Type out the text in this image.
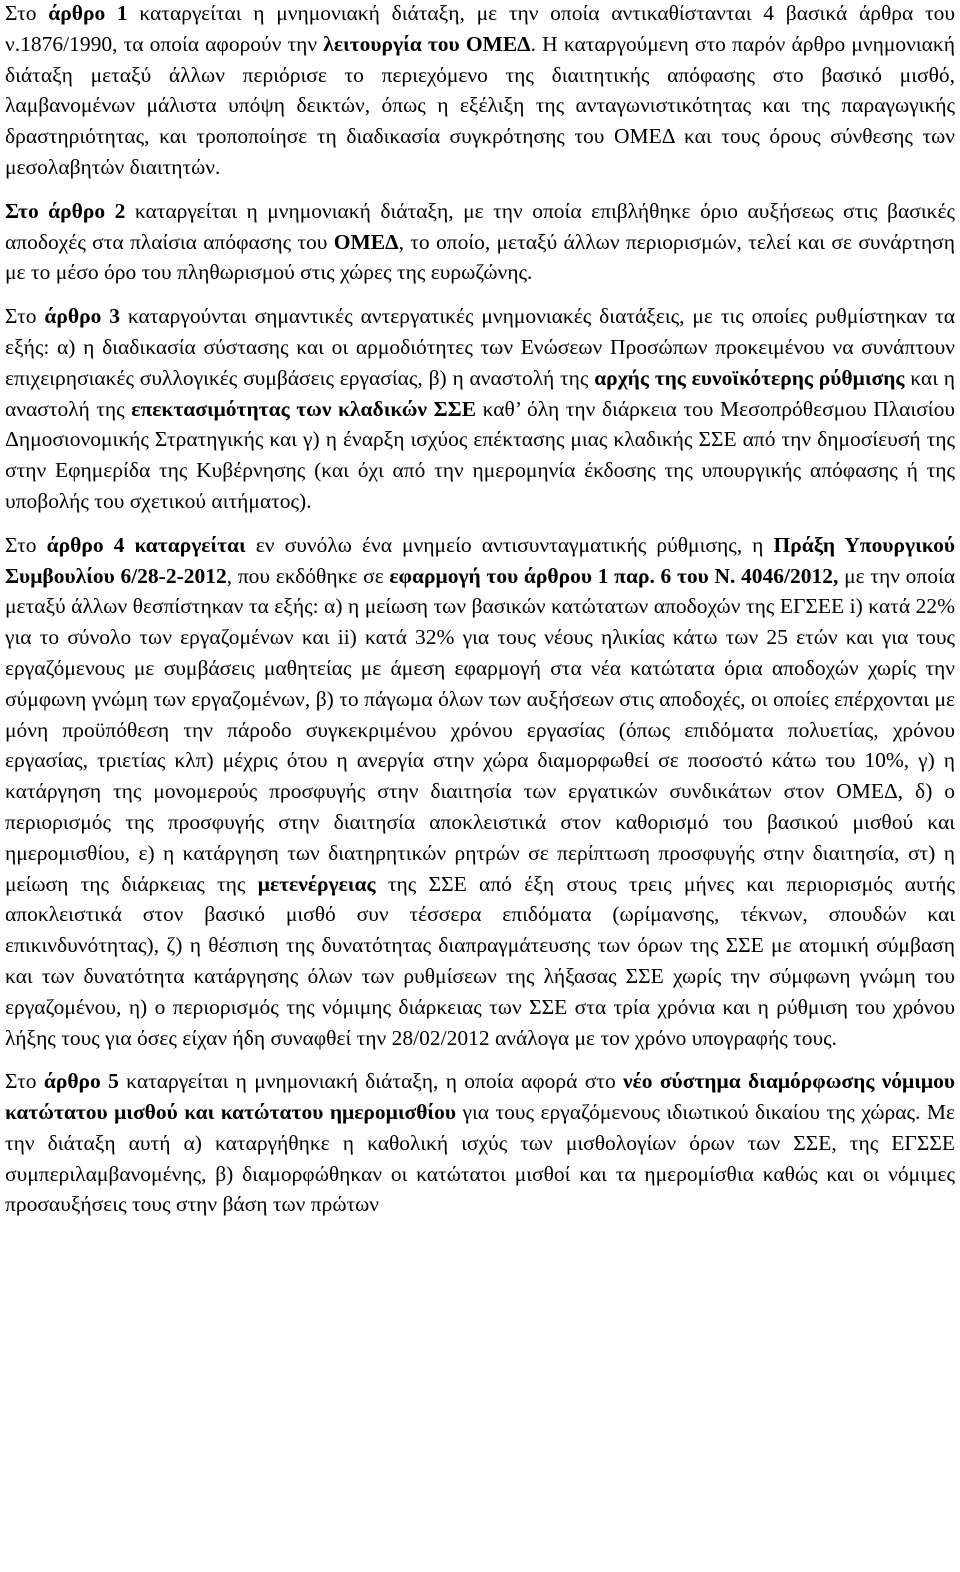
Στο άρθρο 1 καταργείται η μνημονιακή διάταξη, με την οποία αντικαθίστανται 4 βασικά άρθρα του ν.1876/1990, τα οποία αφορούν την λειτουργία του ΟΜΕΔ. Η καταργούμενη στο παρόν άρθρο μνημονιακή διάταξη μεταξύ άλλων περιόρισε το περιεχόμενο της διαιτητικής απόφασης στο βασικό μισθό, λαμβανομένων μάλιστα υπόψη δεικτών, όπως η εξέλιξη της ανταγωνιστικότητας και της παραγωγικής δραστηριότητας, και τροποποίησε τη διαδικασία συγκρότησης του ΟΜΕΔ και τους όρους σύνθεσης των μεσολαβητών διαιτητών.

Στο άρθρο 2 καταργείται η μνημονιακή διάταξη, με την οποία επιβλήθηκε όριο αυξήσεως στις βασικές αποδοχές στα πλαίσια απόφασης του ΟΜΕΔ, το οποίο, μεταξύ άλλων περιορισμών, τελεί και σε συνάρτηση με το μέσο όρο του πληθωρισμού στις χώρες της ευρωζώνης.

Στο άρθρο 3 καταργούνται σημαντικές αντεργατικές μνημονιακές διατάξεις, με τις οποίες ρυθμίστηκαν τα εξής: α) η διαδικασία σύστασης και οι αρμοδιότητες των Ενώσεων Προσώπων προκειμένου να συνάπτουν επιχειρησιακές συλλογικές συμβάσεις εργασίας, β) η αναστολή της αρχής της ευνοϊκότερης ρύθμισης και η αναστολή της επεκτασιμότητας των κλαδικών ΣΣΕ καθ’ όλη την διάρκεια του Μεσοπρόθεσμου Πλαισίου Δημοσιονομικής Στρατηγικής και γ) η έναρξη ισχύος επέκτασης μιας κλαδικής ΣΣΕ από την δημοσίευσή της στην Εφημερίδα της Κυβέρνησης (και όχι από την ημερομηνία έκδοσης της υπουργικής απόφασης ή της υποβολής του σχετικού αιτήματος).

Στο άρθρο 4 καταργείται εν συνόλω ένα μνημείο αντισυνταγματικής ρύθμισης, η Πράξη Υπουργικού Συμβουλίου 6/28-2-2012, που εκδόθηκε σε εφαρμογή του άρθρου 1 παρ. 6 του Ν. 4046/2012, με την οποία μεταξύ άλλων θεσπίστηκαν τα εξής: α) η μείωση των βασικών κατώτατων αποδοχών της ΕΓΣΕΕ i) κατά 22% για το σύνολο των εργαζομένων και ii) κατά 32% για τους νέους ηλικίας κάτω των 25 ετών και για τους εργαζόμενους με συμβάσεις μαθητείας με άμεση εφαρμογή στα νέα κατώτατα όρια αποδοχών χωρίς την σύμφωνη γνώμη των εργαζομένων, β) το πάγωμα όλων των αυξήσεων στις αποδοχές, οι οποίες επέρχονται με μόνη προϋπόθεση την πάροδο συγκεκριμένου χρόνου εργασίας (όπως επιδόματα πολυετίας, χρόνου εργασίας, τριετίας κλπ) μέχρις ότου η ανεργία στην χώρα διαμορφωθεί σε ποσοστό κάτω του 10%, γ) η κατάργηση της μονομερούς προσφυγής στην διαιτησία των εργατικών συνδικάτων στον ΟΜΕΔ, δ) ο περιορισμός της προσφυγής στην διαιτησία αποκλειστικά στον καθορισμό του βασικού μισθού και ημερομισθίου, ε) η κατάργηση των διατηρητικών ρητρών σε περίπτωση προσφυγής στην διαιτησία, στ) η μείωση της διάρκειας της μετενέργειας της ΣΣΕ από έξη στους τρεις μήνες και περιορισμός αυτής αποκλειστικά στον βασικό μισθό συν τέσσερα επιδόματα (ωρίμανσης, τέκνων, σπουδών και επικινδυνότητας), ζ) η θέσπιση της δυνατότητας διαπραγμάτευσης των όρων της ΣΣΕ με ατομική σύμβαση και των δυνατότητα κατάργησης όλων των ρυθμίσεων της λήξασας ΣΣΕ χωρίς την σύμφωνη γνώμη του εργαζομένου, η) ο περιορισμός της νόμιμης διάρκειας των ΣΣΕ στα τρία χρόνια και η ρύθμιση του χρόνου λήξης τους για όσες είχαν ήδη συναφθεί την 28/02/2012 ανάλογα με τον χρόνο υπογραφής τους.

Στο άρθρο 5 καταργείται η μνημονιακή διάταξη, η οποία αφορά στο νέο σύστημα διαμόρφωσης νόμιμου κατώτατου μισθού και κατώτατου ημερομισθίου για τους εργαζόμενους ιδιωτικού δικαίου της χώρας. Με την διάταξη αυτή α) καταργήθηκε η καθολική ισχύς των μισθολογίων όρων των ΣΣΕ, της ΕΓΣΣΕ συμπεριλαμβανομένης, β) διαμορφώθηκαν οι κατώτατοι μισθοί και τα ημερομίσθια καθώς και οι νόμιμες προσαυξήσεις τους στην βάση των πρώτων
